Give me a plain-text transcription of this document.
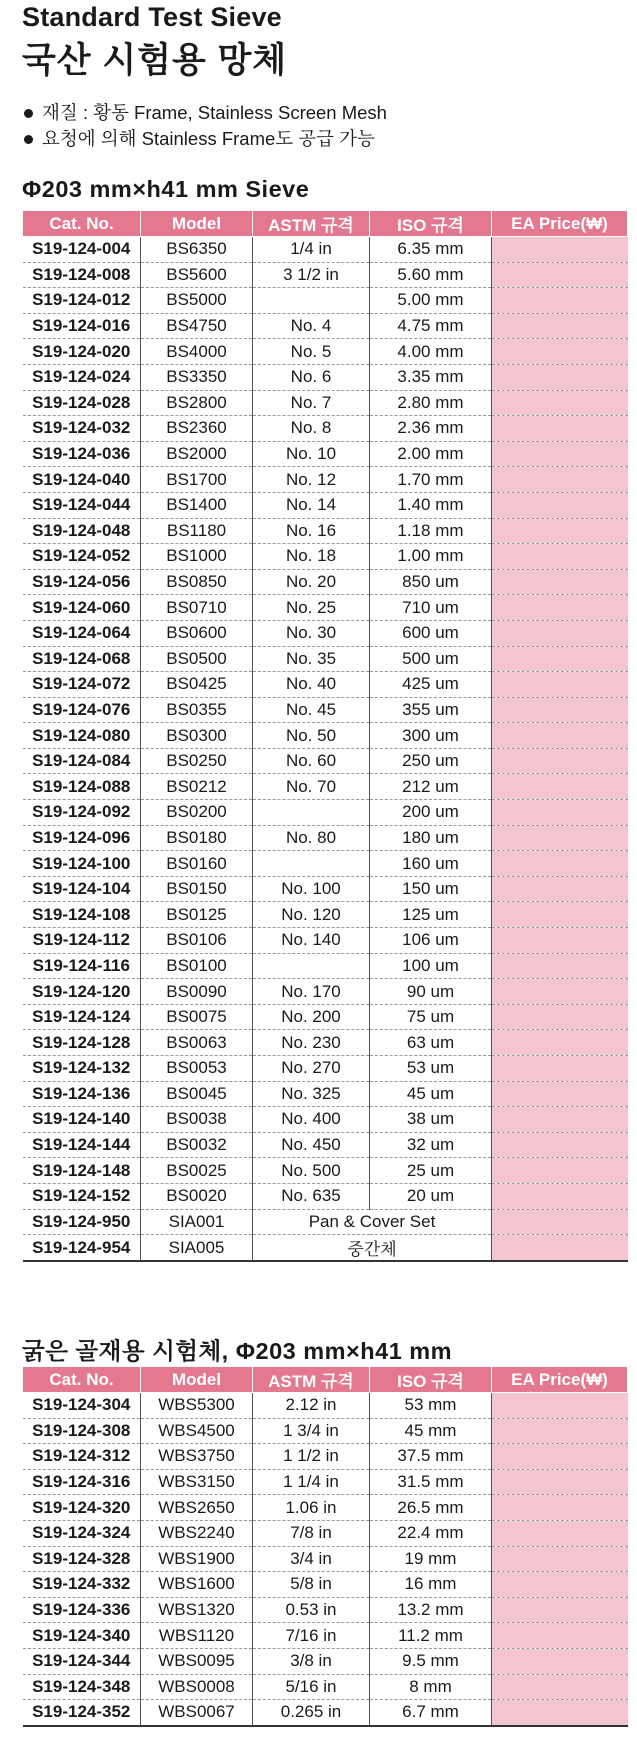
Standard Test Sieve
국산 시험용 망체
재질 : 황동 Frame, Stainless Screen Mesh
요청에 의해 Stainless Frame도 공급 가능
Φ203 mm×h41 mm Sieve
Cat. No.	Model	ASTM 규격	ISO 규격	EA Price(₩)
S19-124-004	BS6350	1/4 in	6.35 mm	
S19-124-008	BS5600	3 1/2 in	5.60 mm	
S19-124-012	BS5000		5.00 mm	
S19-124-016	BS4750	No. 4	4.75 mm	
S19-124-020	BS4000	No. 5	4.00 mm	
S19-124-024	BS3350	No. 6	3.35 mm	
S19-124-028	BS2800	No. 7	2.80 mm	
S19-124-032	BS2360	No. 8	2.36 mm	
S19-124-036	BS2000	No. 10	2.00 mm	
S19-124-040	BS1700	No. 12	1.70 mm	
S19-124-044	BS1400	No. 14	1.40 mm	
S19-124-048	BS1180	No. 16	1.18 mm	
S19-124-052	BS1000	No. 18	1.00 mm	
S19-124-056	BS0850	No. 20	850 um	
S19-124-060	BS0710	No. 25	710 um	
S19-124-064	BS0600	No. 30	600 um	
S19-124-068	BS0500	No. 35	500 um	
S19-124-072	BS0425	No. 40	425 um	
S19-124-076	BS0355	No. 45	355 um	
S19-124-080	BS0300	No. 50	300 um	
S19-124-084	BS0250	No. 60	250 um	
S19-124-088	BS0212	No. 70	212 um	
S19-124-092	BS0200		200 um	
S19-124-096	BS0180	No. 80	180 um	
S19-124-100	BS0160		160 um	
S19-124-104	BS0150	No. 100	150 um	
S19-124-108	BS0125	No. 120	125 um	
S19-124-112	BS0106	No. 140	106 um	
S19-124-116	BS0100		100 um	
S19-124-120	BS0090	No. 170	90 um	
S19-124-124	BS0075	No. 200	75 um	
S19-124-128	BS0063	No. 230	63 um	
S19-124-132	BS0053	No. 270	53 um	
S19-124-136	BS0045	No. 325	45 um	
S19-124-140	BS0038	No. 400	38 um	
S19-124-144	BS0032	No. 450	32 um	
S19-124-148	BS0025	No. 500	25 um	
S19-124-152	BS0020	No. 635	20 um	
S19-124-950	SIA001	Pan & Cover Set		
S19-124-954	SIA005	중간체		
굵은 골재용 시험체, Φ203 mm×h41 mm
Cat. No.	Model	ASTM 규격	ISO 규격	EA Price(₩)
S19-124-304	WBS5300	2.12 in	53 mm	
S19-124-308	WBS4500	1 3/4 in	45 mm	
S19-124-312	WBS3750	1 1/2 in	37.5 mm	
S19-124-316	WBS3150	1 1/4 in	31.5 mm	
S19-124-320	WBS2650	1.06 in	26.5 mm	
S19-124-324	WBS2240	7/8 in	22.4 mm	
S19-124-328	WBS1900	3/4 in	19 mm	
S19-124-332	WBS1600	5/8 in	16 mm	
S19-124-336	WBS1320	0.53 in	13.2 mm	
S19-124-340	WBS1120	7/16 in	11.2 mm	
S19-124-344	WBS0095	3/8 in	9.5 mm	
S19-124-348	WBS0008	5/16 in	8 mm	
S19-124-352	WBS0067	0.265 in	6.7 mm	
